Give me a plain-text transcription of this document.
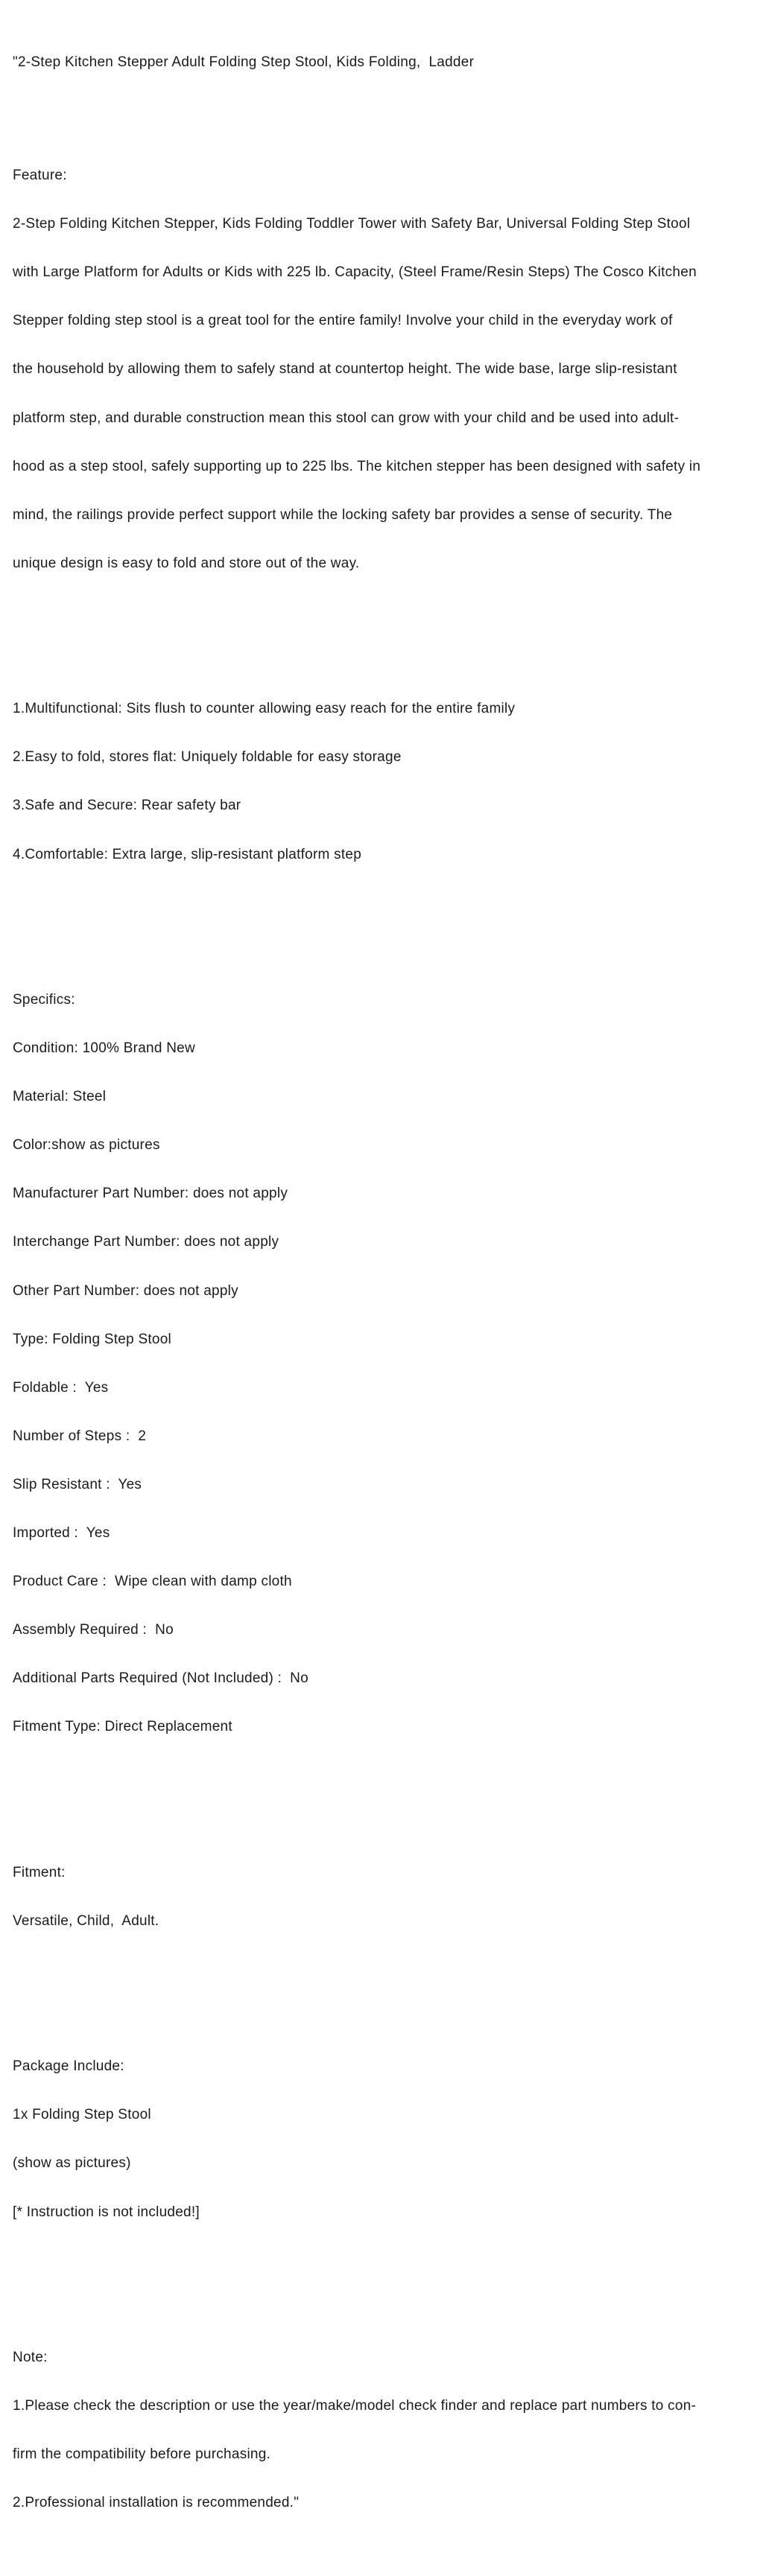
"2-Step Kitchen Stepper Adult Folding Step Stool, Kids Folding,  Ladder

Feature:

2-Step Folding Kitchen Stepper, Kids Folding Toddler Tower with Safety Bar, Universal Folding Step Stool

with Large Platform for Adults or Kids with 225 lb. Capacity, (Steel Frame/Resin Steps) The Cosco Kitchen

Stepper folding step stool is a great tool for the entire family! Involve your child in the everyday work of

the household by allowing them to safely stand at countertop height. The wide base, large slip-resistant

platform step, and durable construction mean this stool can grow with your child and be used into adult-

hood as a step stool, safely supporting up to 225 lbs. The kitchen stepper has been designed with safety in

mind, the railings provide perfect support while the locking safety bar provides a sense of security. The

unique design is easy to fold and store out of the way.

1.Multifunctional: Sits flush to counter allowing easy reach for the entire family

2.Easy to fold, stores flat: Uniquely foldable for easy storage

3.Safe and Secure: Rear safety bar

4.Comfortable: Extra large, slip-resistant platform step

Specifics:

Condition: 100% Brand New

Material: Steel

Color:show as pictures

Manufacturer Part Number: does not apply

Interchange Part Number: does not apply

Other Part Number: does not apply

Type: Folding Step Stool

Foldable :  Yes

Number of Steps :  2

Slip Resistant :  Yes

Imported :  Yes

Product Care :  Wipe clean with damp cloth

Assembly Required :  No

Additional Parts Required (Not Included) :  No

Fitment Type: Direct Replacement

Fitment:

Versatile, Child,  Adult.

Package Include:

1x Folding Step Stool

(show as pictures)

[* Instruction is not included!]

Note:

1.Please check the description or use the year/make/model check finder and replace part numbers to con-

firm the compatibility before purchasing.

2.Professional installation is recommended."
